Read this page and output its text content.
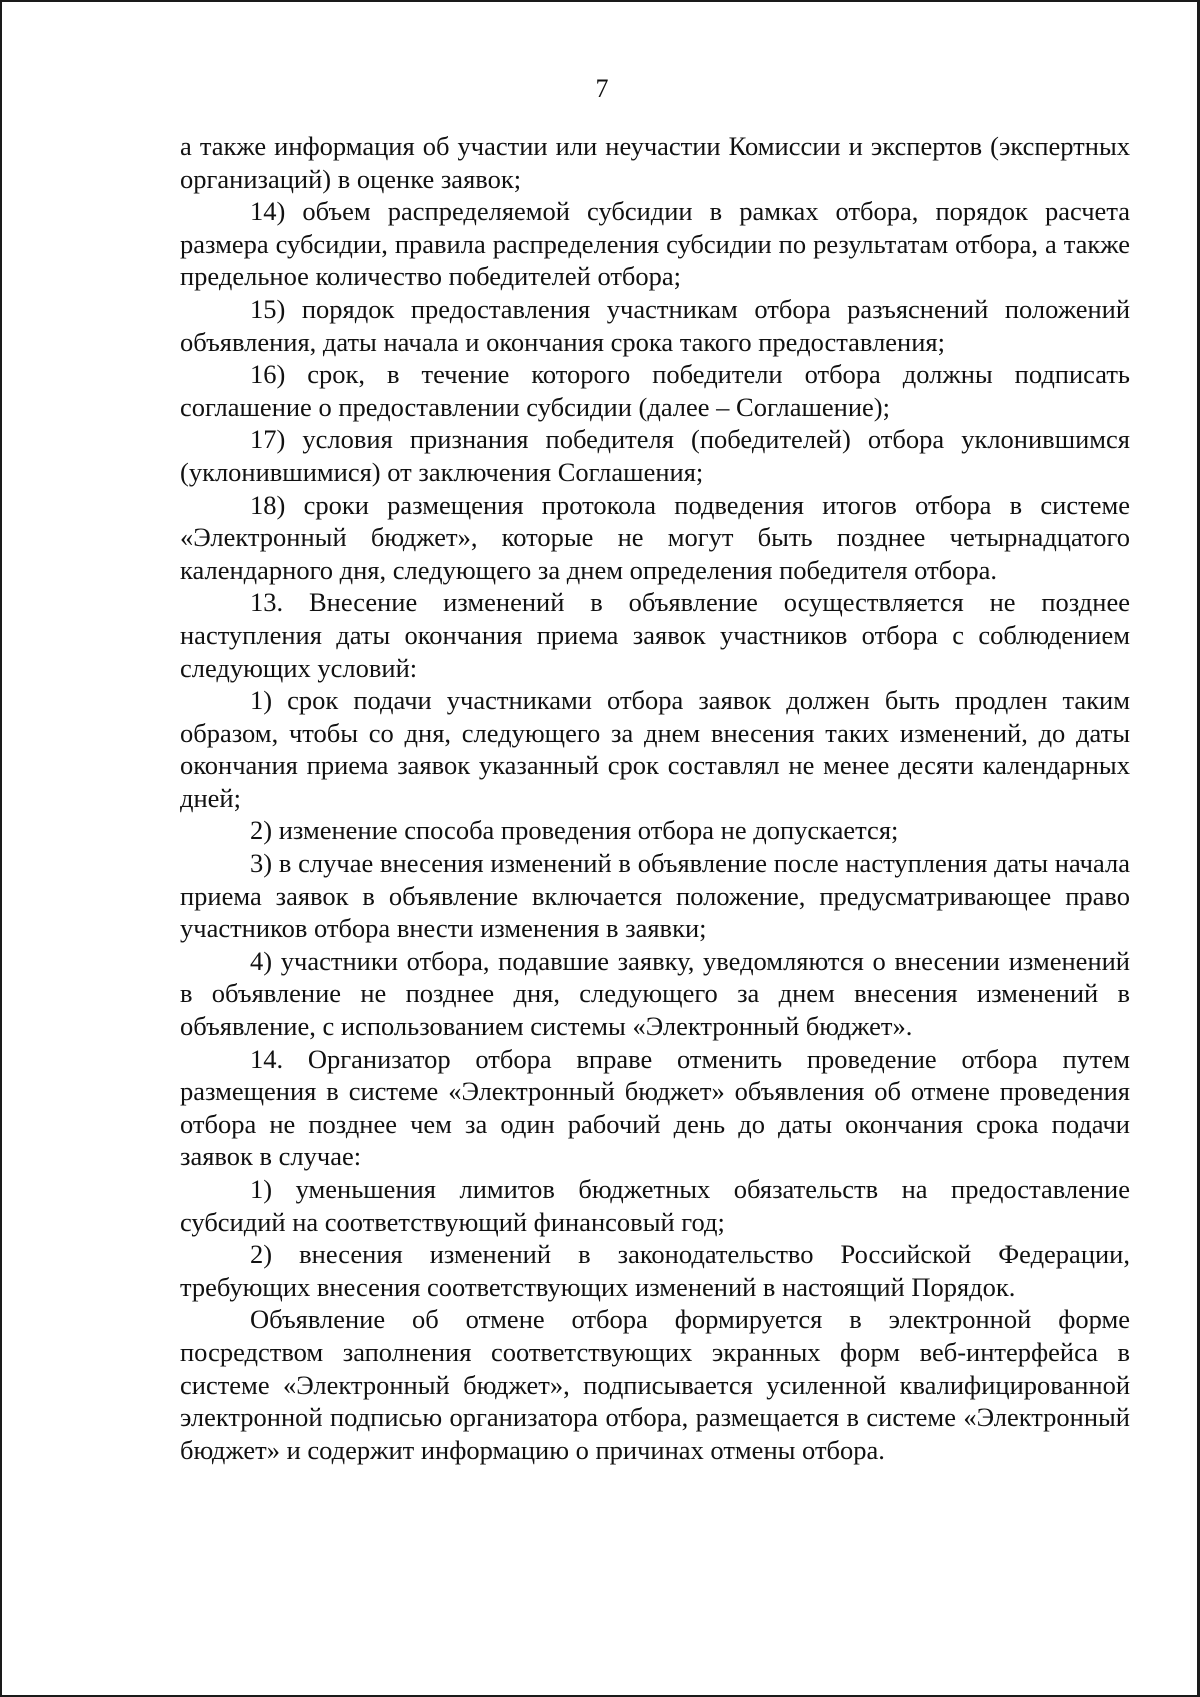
7

а также информация об участии или неучастии Комиссии и экспертов (экспертных организаций) в оценке заявок;

14) объем распределяемой субсидии в рамках отбора, порядок расчета размера субсидии, правила распределения субсидии по результатам отбора, а также предельное количество победителей отбора;

15) порядок предоставления участникам отбора разъяснений положений объявления, даты начала и окончания срока такого предоставления;

16) срок, в течение которого победители отбора должны подписать соглашение о предоставлении субсидии (далее – Соглашение);

17) условия признания победителя (победителей) отбора уклонившимся (уклонившимися) от заключения Соглашения;

18) сроки размещения протокола подведения итогов отбора в системе «Электронный бюджет», которые не могут быть позднее четырнадцатого календарного дня, следующего за днем определения победителя отбора.

13. Внесение изменений в объявление осуществляется не позднее наступления даты окончания приема заявок участников отбора с соблюдением следующих условий:

1) срок подачи участниками отбора заявок должен быть продлен таким образом, чтобы со дня, следующего за днем внесения таких изменений, до даты окончания приема заявок указанный срок составлял не менее десяти календарных дней;

2) изменение способа проведения отбора не допускается;

3) в случае внесения изменений в объявление после наступления даты начала приема заявок в объявление включается положение, предусматривающее право участников отбора внести изменения в заявки;

4) участники отбора, подавшие заявку, уведомляются о внесении изменений в объявление не позднее дня, следующего за днем внесения изменений в объявление, с использованием системы «Электронный бюджет».

14. Организатор отбора вправе отменить проведение отбора путем размещения в системе «Электронный бюджет» объявления об отмене проведения отбора не позднее чем за один рабочий день до даты окончания срока подачи заявок в случае:

1) уменьшения лимитов бюджетных обязательств на предоставление субсидий на соответствующий финансовый год;

2) внесения изменений в законодательство Российской Федерации, требующих внесения соответствующих изменений в настоящий Порядок.

Объявление об отмене отбора формируется в электронной форме посредством заполнения соответствующих экранных форм веб-интерфейса в системе «Электронный бюджет», подписывается усиленной квалифицированной электронной подписью организатора отбора, размещается в системе «Электронный бюджет» и содержит информацию о причинах отмены отбора.
